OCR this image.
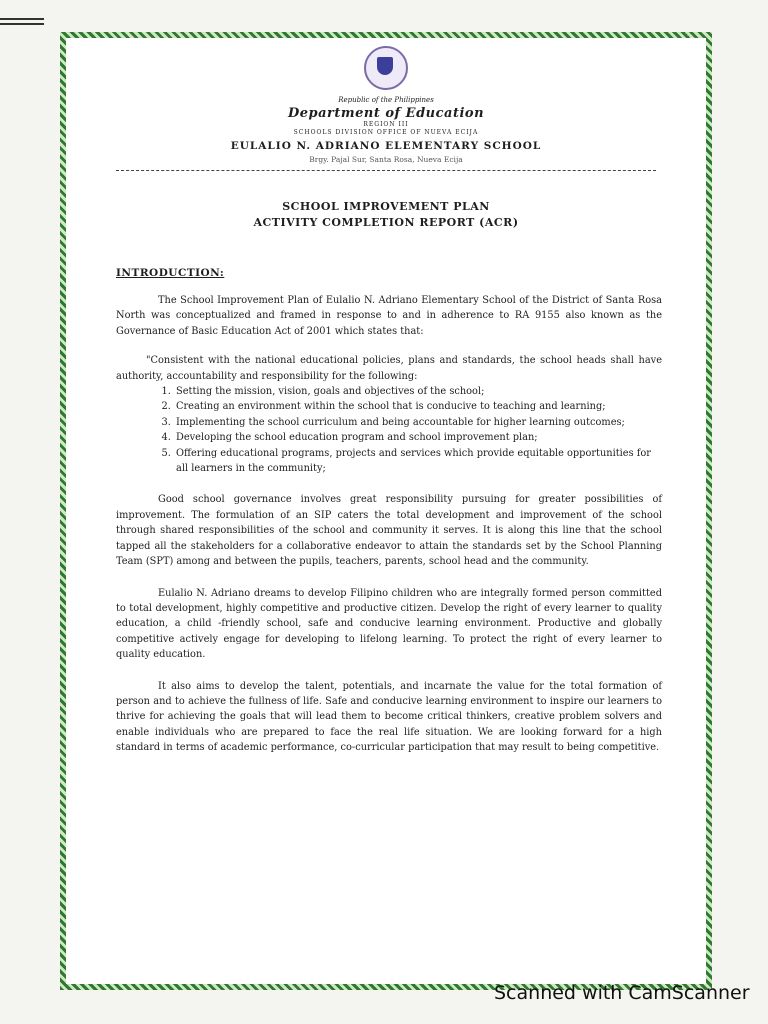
Republic of the Philippines
Department of Education
REGION III
SCHOOLS DIVISION OFFICE OF NUEVA ECIJA
EULALIO N. ADRIANO ELEMENTARY SCHOOL
Brgy. Pajal Sur, Santa Rosa, Nueva Ecija
SCHOOL IMPROVEMENT PLAN
ACTIVITY COMPLETION REPORT (ACR)
INTRODUCTION:

The School Improvement Plan of Eulalio N. Adriano Elementary School of the District of Santa Rosa North was conceptualized and framed in response to and in adherence to RA 9155 also known as the Governance of Basic Education Act of 2001 which states that:

"Consistent with the national educational policies, plans and standards, the school heads shall have authority, accountability and responsibility for the following:

1. Setting the mission, vision, goals and objectives of the school;
2. Creating an environment within the school that is conducive to teaching and learning;
3. Implementing the school curriculum and being accountable for higher learning outcomes;
4. Developing the school education program and school improvement plan;
5. Offering educational programs, projects and services which provide equitable opportunities for all learners in the community;

Good school governance involves great responsibility pursuing for greater possibilities of improvement. The formulation of an SIP caters the total development and improvement of the school through shared responsibilities of the school and community it serves. It is along this line that the school tapped all the stakeholders for a collaborative endeavor to attain the standards set by the School Planning Team (SPT) among and between the pupils, teachers, parents, school head and the community.

Eulalio N. Adriano dreams to develop Filipino children who are integrally formed person committed to total development, highly competitive and productive citizen. Develop the right of every learner to quality education, a child -friendly school, safe and conducive learning environment. Productive and globally competitive actively engage for developing to lifelong learning. To protect the right of every learner to quality education.

It also aims to develop the talent, potentials, and incarnate the value for the total formation of person and to achieve the fullness of life. Safe and conducive learning environment to inspire our learners to thrive for achieving the goals that will lead them to become critical thinkers, creative problem solvers and enable individuals who are prepared to face the real life situation. We are looking forward for a high standard in terms of academic performance, co-curricular participation that may result to being competitive.

Scanned with CamScanner
